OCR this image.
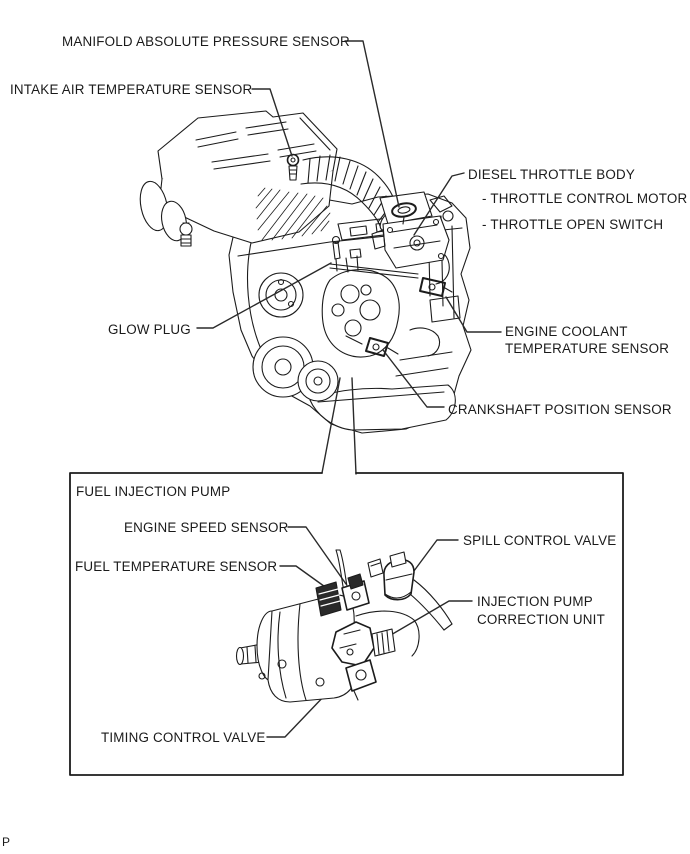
MANIFOLD ABSOLUTE PRESSURE SENSOR
INTAKE AIR TEMPERATURE SENSOR
DIESEL THROTTLE BODY
- THROTTLE CONTROL MOTOR
- THROTTLE OPEN SWITCH
GLOW PLUG	ENGINE COOLANT
TEMPERATURE SENSOR
CRANKSHAFT POSITION SENSOR
FUEL INJECTION PUMP
ENGINE SPEED SENSOR
FUEL TEMPERATURE SENSOR
SPILL CONTROL VALVE
INJECTION PUMP
CORRECTION UNIT
TIMING CONTROL VALVE
P
